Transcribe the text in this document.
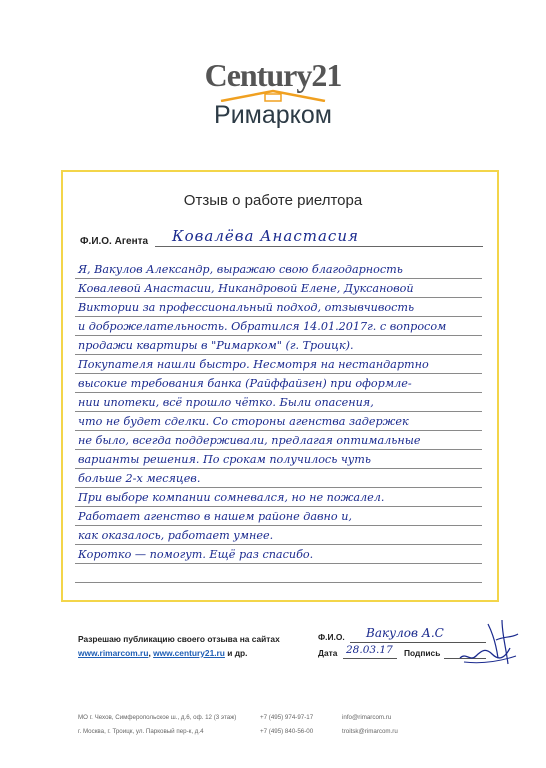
Century21
Римарком
Отзыв о работе риелтора
Ф.И.О. Агента Ковалёва Анастасия
Я, Вакулов Александр, выражаю свою благодарность
Ковалевой Анастасии, Никандровой Елене, Дуксановой
Виктории за профессиональный подход, отзывчивость
и доброжелательность. Обратился 14.01.2017г. с вопросом
продажи квартиры в "Римарком" (г. Троицк).
Покупателя нашли быстро. Несмотря на нестандартно
высокие требования банка (Райффайзен) при оформле-
нии ипотеки, всё прошло чётко. Были опасения,
что не будет сделки. Со стороны агенства задержек
не было, всегда поддерживали, предлагая оптимальные
варианты решения. По срокам получилось чуть
больше 2-х месяцев.
При выборе компании сомневался, но не пожалел.
Работает агенство в нашем районе давно и,
как оказалось, работает умнее.
Коротко — помогут. Ещё раз спасибо.
Разрешаю публикацию своего отзыва на сайтах
www.rimarcom.ru, www.century21.ru и др.
Ф.И.О. Вакулов А.С
Дата 28.03.17 Подпись
МО г. Чехов, Симферопольское ш., д.6, оф. 12 (3 этаж)
г. Москва, г. Троицк, ул. Парковый пер-к, д.4
+7 (495) 974-97-17
+7 (495) 840-56-00
info@rimarcom.ru
troitsk@rimarcom.ru
